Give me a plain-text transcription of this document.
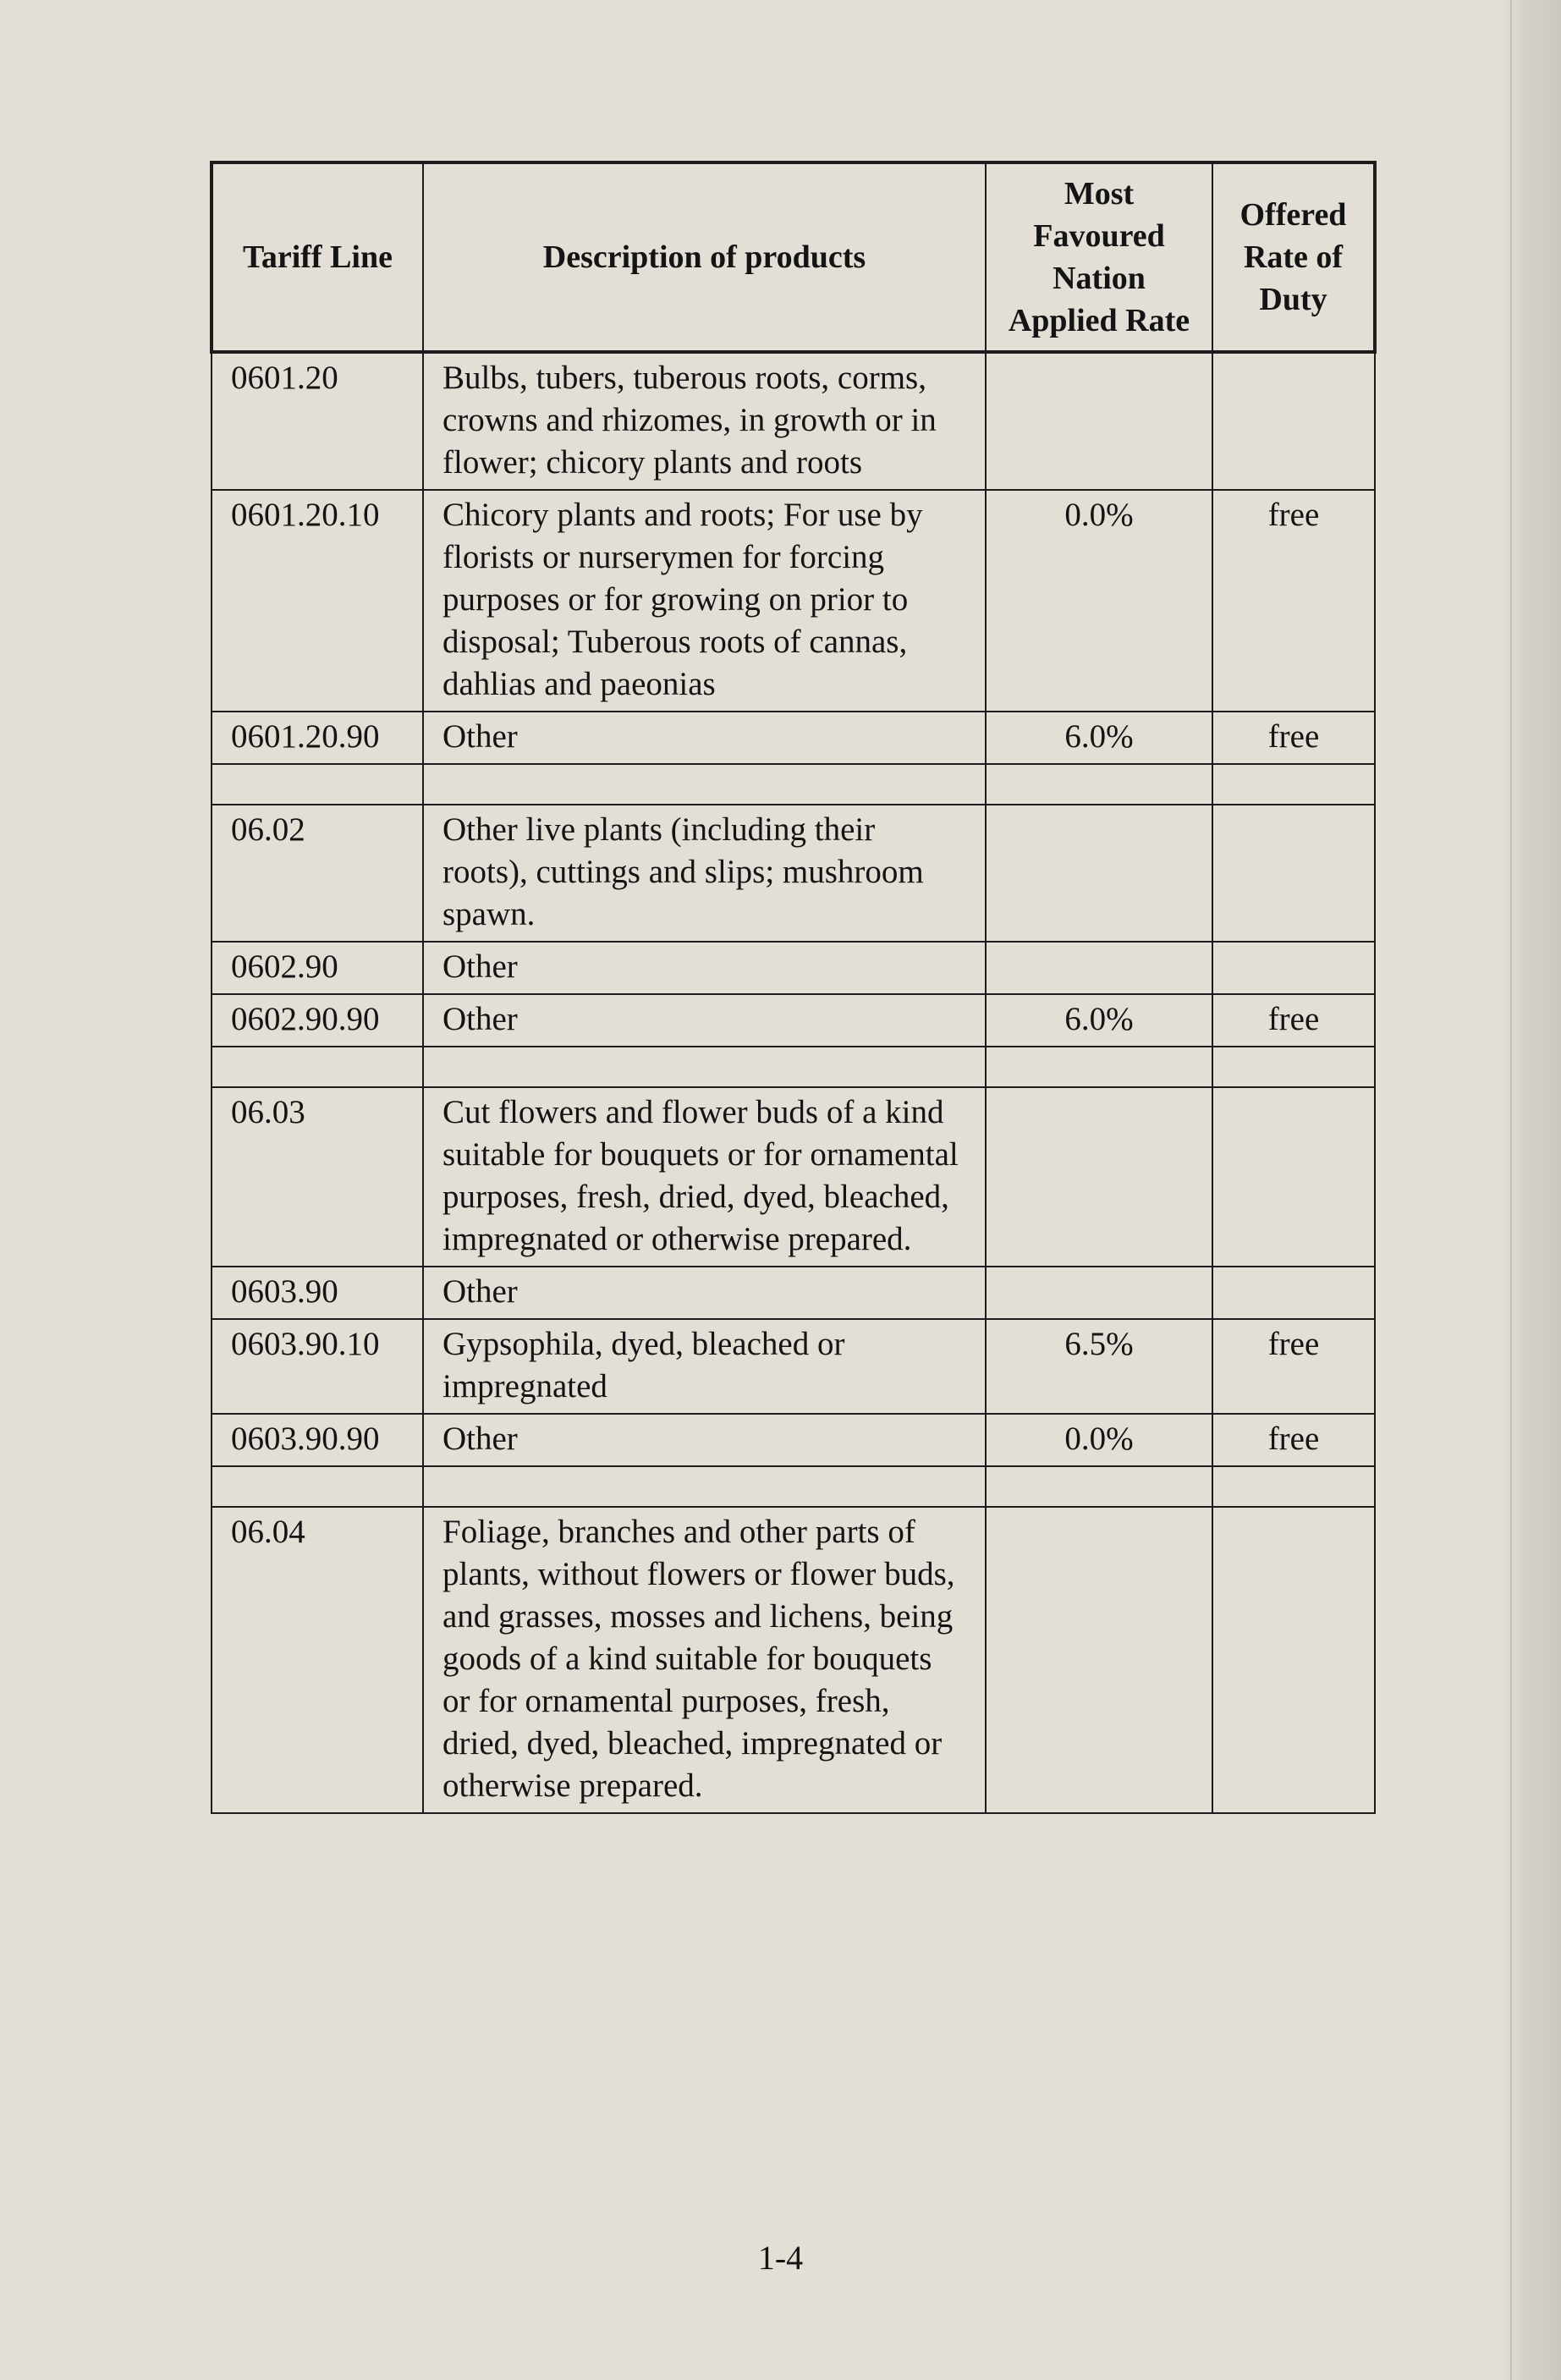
Tariff Line	Description of products	Most Favoured Nation Applied Rate	Offered Rate of Duty
0601.20	Bulbs, tubers, tuberous roots, corms, crowns and rhizomes, in growth or in flower; chicory plants and roots		
0601.20.10	Chicory plants and roots; For use by florists or nurserymen for forcing purposes or for growing on prior to disposal; Tuberous roots of cannas, dahlias and paeonias	0.0%	free
0601.20.90	Other	6.0%	free

06.02	Other live plants (including their roots), cuttings and slips; mushroom spawn.		
0602.90	Other		
0602.90.90	Other	6.0%	free

06.03	Cut flowers and flower buds of a kind suitable for bouquets or for ornamental purposes, fresh, dried, dyed, bleached, impregnated or otherwise prepared.		
0603.90	Other		
0603.90.10	Gypsophila, dyed, bleached or impregnated	6.5%	free
0603.90.90	Other	0.0%	free

06.04	Foliage, branches and other parts of plants, without flowers or flower buds, and grasses, mosses and lichens, being goods of a kind suitable for bouquets or for ornamental purposes, fresh, dried, dyed, bleached, impregnated or otherwise prepared.		
1-4
